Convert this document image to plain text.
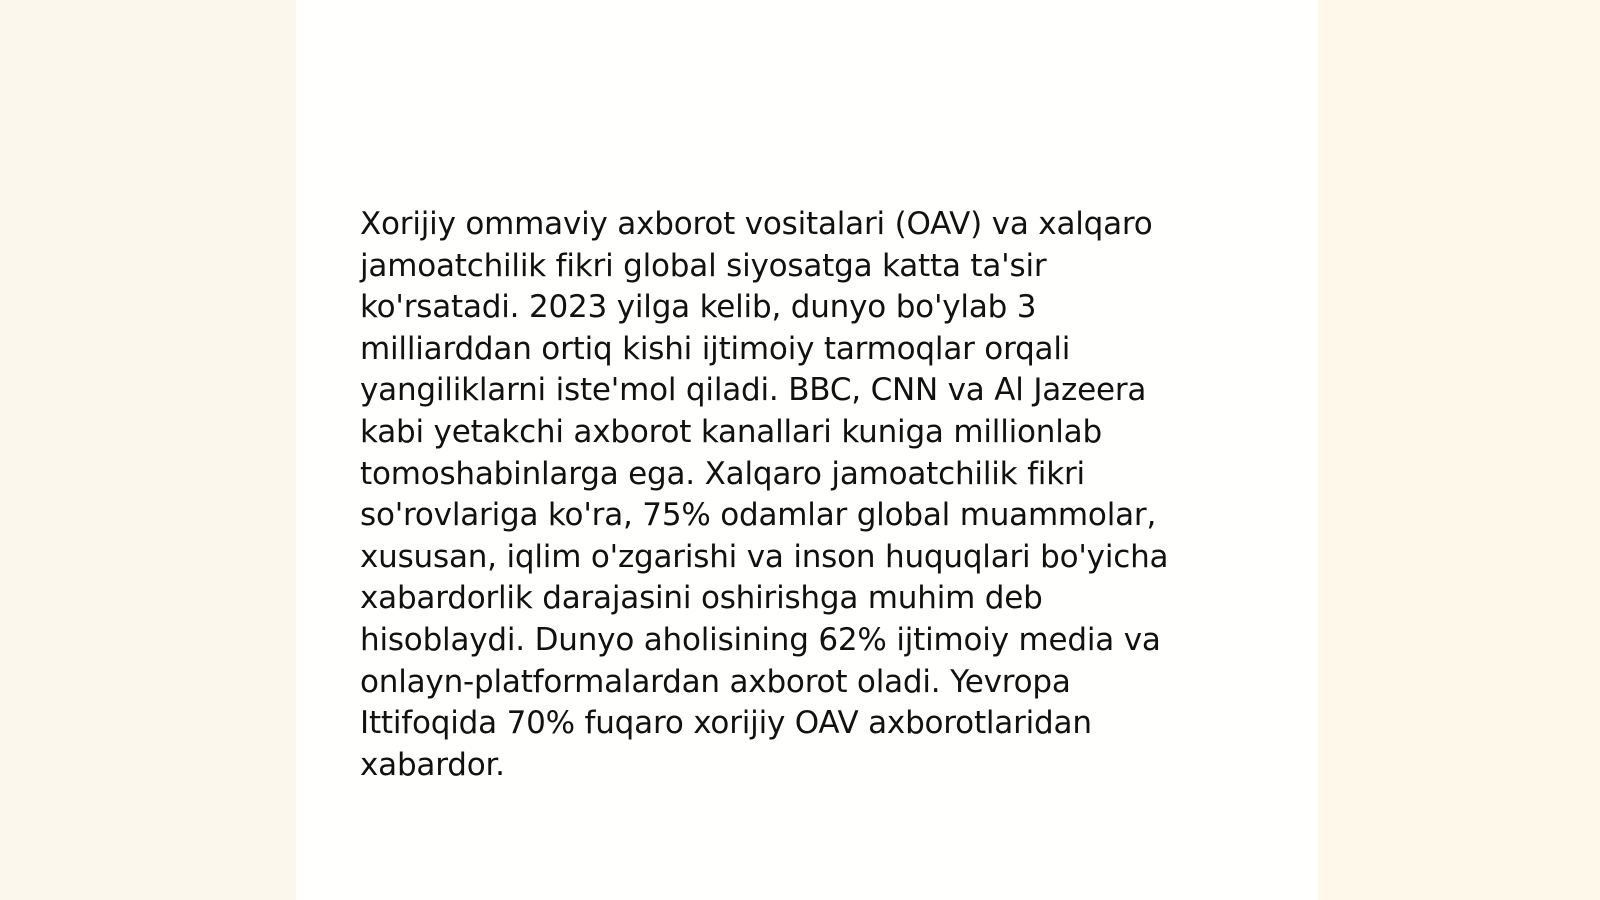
Xorijiy ommaviy axborot vositalari (OAV) va xalqaro
jamoatchilik fikri global siyosatga katta ta'sir
ko'rsatadi. 2023 yilga kelib, dunyo bo'ylab 3
milliarddan ortiq kishi ijtimoiy tarmoqlar orqali
yangiliklarni iste'mol qiladi. BBC, CNN va Al Jazeera
kabi yetakchi axborot kanallari kuniga millionlab
tomoshabinlarga ega. Xalqaro jamoatchilik fikri
so'rovlariga ko'ra, 75% odamlar global muammolar,
xususan, iqlim o'zgarishi va inson huquqlari bo'yicha
xabardorlik darajasini oshirishga muhim deb
hisoblaydi. Dunyo aholisining 62% ijtimoiy media va
onlayn-platformalardan axborot oladi. Yevropa
Ittifoqida 70% fuqaro xorijiy OAV axborotlaridan
xabardor.
